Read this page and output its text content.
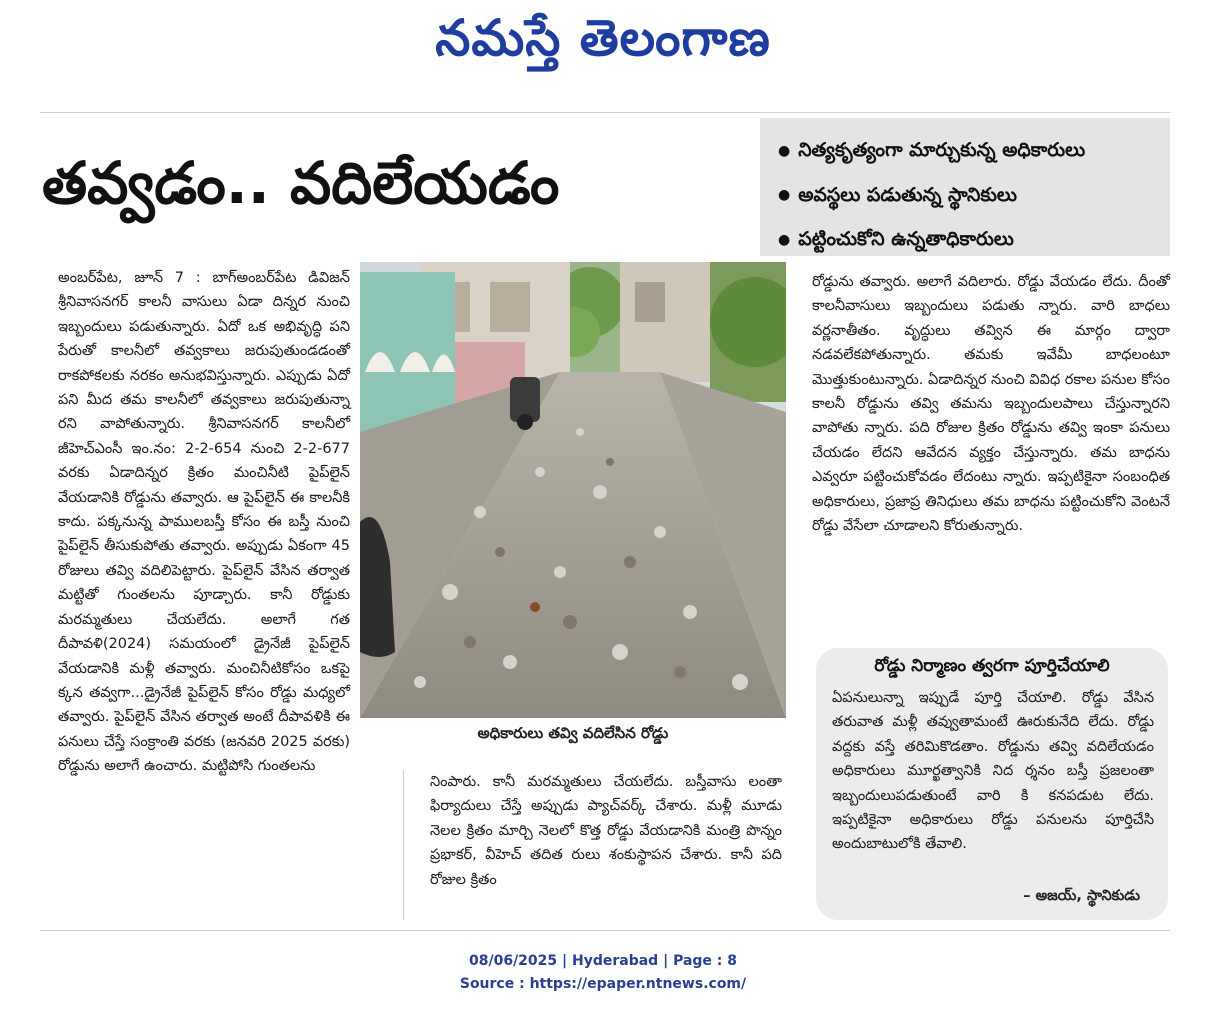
నమస్తే తెలంగాణ
తవ్వడం.. వదిలేయడం
●	నిత్యకృత్యంగా మార్చుకున్న అధికారులు
● అవస్థలు పడుతున్న స్థానికులు
● పట్టించుకోని ఉన్నతాధికారులు

అంబర్‌పేట, జూన్ 7 : బాగ్‌అంబర్‌పేట డివిజన్ శ్రీనివాసనగర్ కాలనీ వాసులు ఏడా దిన్నర నుంచి ఇబ్బందులు పడుతున్నారు. ఏదో ఒక అభివృద్ధి పని పేరుతో కాలనీలో తవ్వకాలు జరుపుతుండడంతో రాకపోకలకు నరకం అనుభవిస్తున్నారు. ఎప్పుడు ఏదో పని మీద తమ కాలనీలో తవ్వకాలు జరుపుతున్నా రని వాపోతున్నారు. శ్రీనివాసనగర్ కాలనీలో జీహెచ్‌ఎంసీ ఇం.నం: 2-2-654 నుంచి 2-2-677 వరకు ఏడాదిన్నర క్రితం మంచినీటి పైప్‌లైన్ వేయడానికి రోడ్డును తవ్వారు. ఆ పైప్‌లైన్ ఈ కాలనీకి కాదు. పక్కనున్న పాములబస్తీ కోసం ఈ బస్తీ నుంచి పైప్‌లైన్ తీసుకుపోతు తవ్వారు. అప్పుడు ఏకంగా 45 రోజులు తవ్వి వదిలిపెట్టారు. పైప్‌లైన్ వేసిన తర్వాత మట్టితో గుంతలను పూడ్చారు. కానీ రోడ్డుకు మరమ్మతులు చేయలేదు. అలాగే గత దీపావళి(2024) సమయంలో డ్రైనేజీ పైప్‌లైన్ వేయడానికి మళ్లీ తవ్వారు. మంచినీటికోసం ఒకపై క్కన తవ్వగా...డ్రైనేజీ పైప్‌లైన్ కోసం రోడ్డు మధ్యలో తవ్వారు. పైప్‌లైన్ వేసిన తర్వాత అంటే దీపావళికి ఈ పనులు చేస్తే సంక్రాంతి వరకు (జనవరి 2025 వరకు) రోడ్డును అలాగే ఉంచారు. మట్టిపోసి గుంతలను

అధికారులు తవ్వి వదిలేసిన రోడ్డు

నింపారు. కానీ మరమ్మతులు చేయలేదు. బస్తీవాసు లంతా ఫిర్యాదులు చేస్తే అప్పుడు ప్యాచ్‌వర్క్ చేశారు. మళ్లీ మూడు నెలల క్రితం మార్చి నెలలో కొత్త రోడ్డు వేయడానికి మంత్రి పొన్నం ప్రభాకర్, వీహెచ్ తదిత రులు శంకుస్థాపన చేశారు. కానీ పది రోజుల క్రితం

రోడ్డును తవ్వారు. అలాగే వదిలారు. రోడ్డు వేయడం లేదు. దీంతో కాలనీవాసులు ఇబ్బందులు పడుతు న్నారు. వారి బాధలు వర్ణనాతీతం. వృద్ధులు తవ్విన ఈ మార్గం ద్వారా నడవలేకపోతున్నారు. తమకు ఇవేమీ బాధలంటూ మొత్తుకుంటున్నారు. ఏడాదిన్నర నుంచి వివిధ రకాల పనుల కోసం కాలనీ రోడ్డును తవ్వి తమను ఇబ్బందులపాలు చేస్తున్నారని వాపోతు న్నారు. పది రోజుల క్రితం రోడ్డును తవ్వి ఇంకా పనులు చేయడం లేదని ఆవేదన వ్యక్తం చేస్తున్నారు. తమ బాధను ఎవ్వరూ పట్టించుకోవడం లేదంటు న్నారు. ఇప్పటికైనా సంబంధిత అధికారులు, ప్రజాప్ర తినిధులు తమ బాధను పట్టించుకోని వెంటనే రోడ్డు వేసేలా చూడాలని కోరుతున్నారు.

రోడ్డు నిర్మాణం త్వరగా పూర్తిచేయాలి
ఏపనులున్నా ఇప్పుడే పూర్తి చేయాలి. రోడ్డు వేసిన తరువాత మళ్లీ తవ్వుతామంటే ఊరుకునేది లేదు. రోడ్డు వద్దకు వస్తే తరిమికొడతాం. రోడ్డును తవ్వి వదిలేయడం అధికారులు మూర్ఖత్వానికి నిద ర్శనం బస్తీ ప్రజలంతా ఇబ్బందులుపడుతుంటే వారి కి కనపడుట లేదు. ఇప్పటికైనా అధికారులు రోడ్డు పనులను పూర్తిచేసి అందుబాటులోకి తేవాలి.
– అజయ్, స్థానికుడు
08/06/2025 | Hyderabad | Page : 8
Source : https://epaper.ntnews.com/
